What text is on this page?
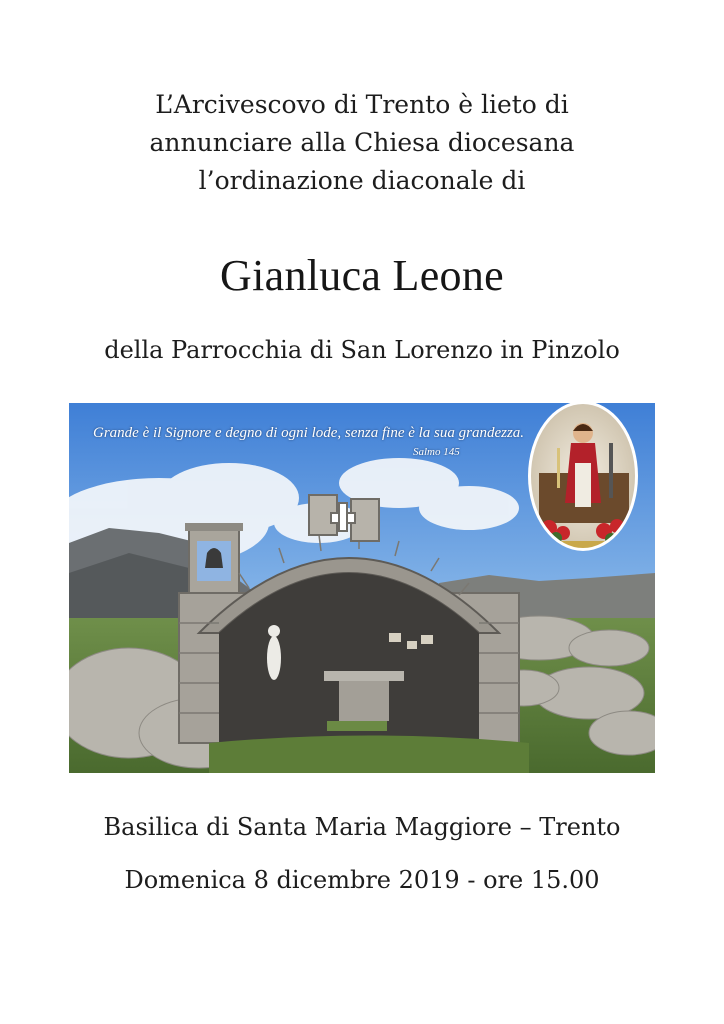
L’Arcivescovo di Trento è lieto di
annunciare alla Chiesa diocesana
l’ordinazione diaconale di
Gianluca Leone
della Parrocchia di San Lorenzo in Pinzolo
Grande è il Signore e degno di ogni lode, senza fine è la sua grandezza.
Salmo 145
Basilica di Santa Maria Maggiore – Trento
Domenica 8 dicembre 2019 - ore 15.00
